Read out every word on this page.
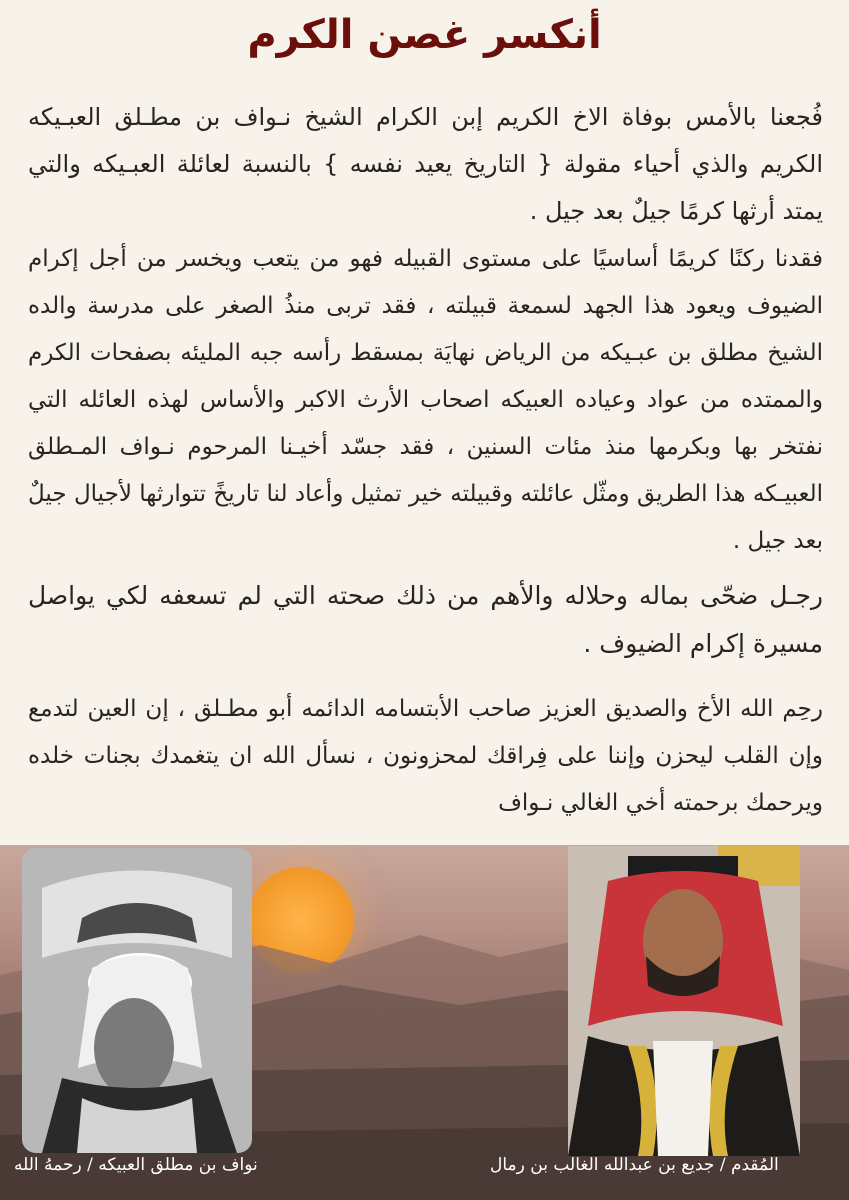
أنكسر غصن الكرم

فُجعنا بالأمس بوفاة الاخ الكريم إبن الكرام الشيخ نـواف بن مطـلق العبـيكه الكريم والذي أحياء مقولة { التاريخ يعيد نفسه } بالنسبة لعائلة العبـيكه والتي يمتد أرثها كرمًا جيلٌ بعد جيل .

فقدنا ركنًا كريمًا أساسيًا على مستوى القبيله فهو من يتعب ويخسر من أجل إكرام الضيوف ويعود هذا الجهد لسمعة قبيلته ، فقد تربى منذُ الصغر على مدرسة والده الشيخ مطلق بن عبـيكه من الرياض نهايَة بمسقط رأسه جبه المليئه بصفحات الكرم والممتده من عواد وعياده العبيكه اصحاب الأرث الاكبر والأساس لهذه العائله التي نفتخر بها وبكرمها منذ مئات السنين ، فقد جسّد أخيـنا المرحوم نـواف المـطلق العبيـكه هذا الطريق ومثّل عائلته وقبيلته خير تمثيل وأعاد لنا تاريخً تتوارثها لأجيال جيلٌ بعد جيل .

رجـل ضحّى بماله وحلاله والأهم من ذلك صحته التي لم تسعفه لكي يواصل مسيرة إكرام الضيوف .

رحِم الله الأخ والصديق العزيز صاحب الأبتسامه الدائمه أبو مطـلق ، إن العين لتدمع وإن القلب ليحزن وإننا على فِراقك لمحزونون ، نسأل الله ان يتغمدك بجنات خلده ويرحمك برحمته أخي الغالي نـواف

نواف بن مطلق العبيكه / رحمهُ الله	المُقدم / جديع بن عبدالله الغالب بن رمال
